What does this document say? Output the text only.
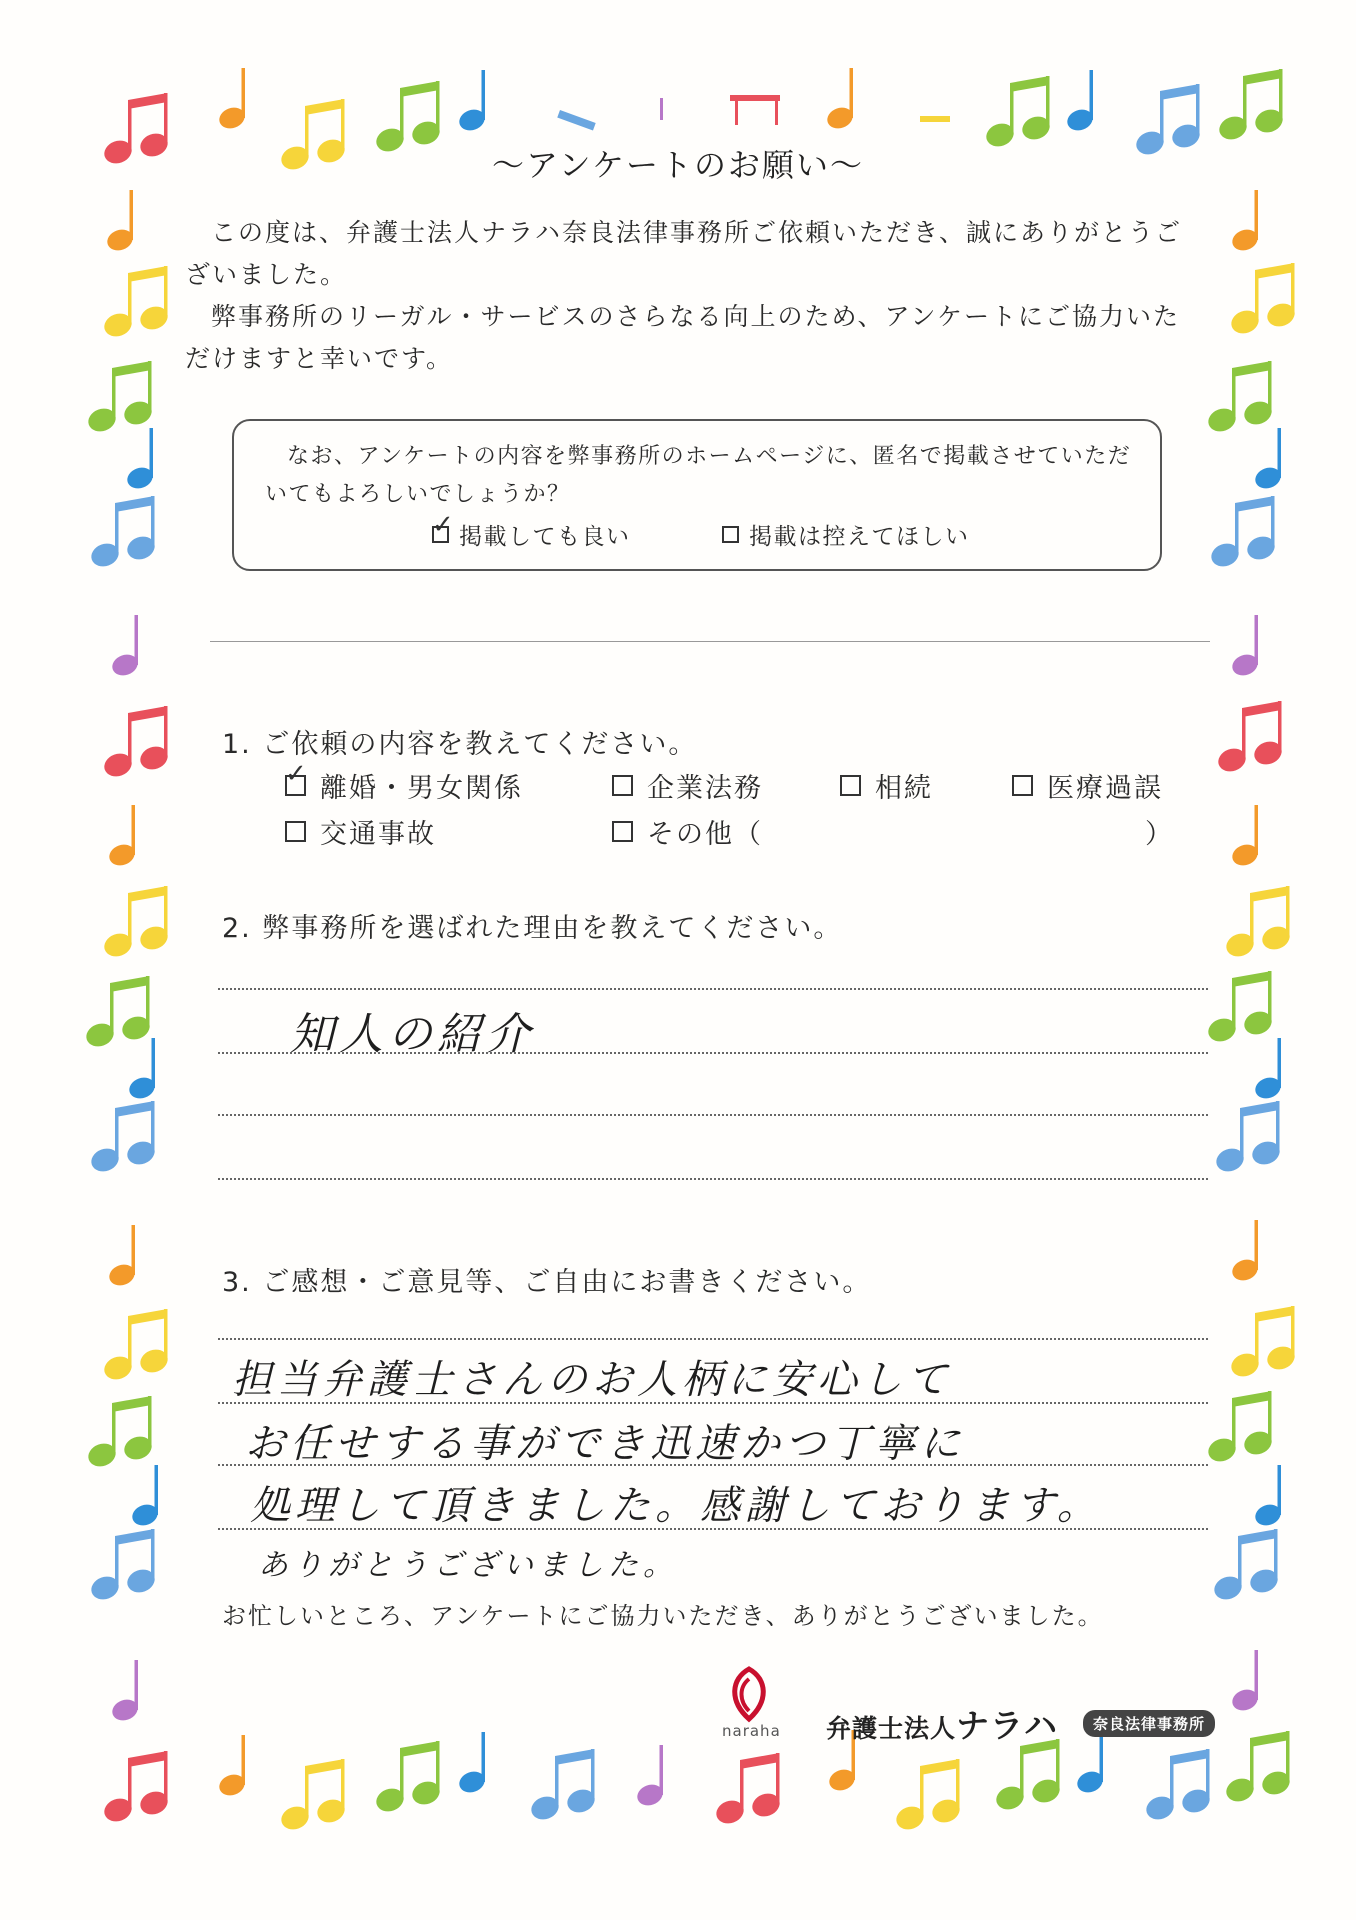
～アンケートのお願い～

この度は、弁護士法人ナラハ奈良法律事務所ご依頼いただき、誠にありがとうございました。

弊事務所のリーガル・サービスのさらなる向上のため、アンケートにご協力いただけますと幸いです。

なお、アンケートの内容を弊事務所のホームページに、匿名で掲載させていただいてもよろしいでしょうか？
✓ 掲載しても良い	掲載は控えてほしい
1. ご依頼の内容を教えてください。
✓ 離婚・男女関係	企業法務	相続	医療過誤
交通事故	その他（	）
2. 弊事務所を選ばれた理由を教えてください。
知人の紹介
3. ご感想・ご意見等、ご自由にお書きください。
担当弁護士さんのお人柄に安心して
お任せする事ができ迅速かつ丁寧に
処理して頂きました。感謝しております。
ありがとうございました。
お忙しいところ、アンケートにご協力いただき、ありがとうございました。
naraha 弁護士法人ナラハ	奈良法律事務所
